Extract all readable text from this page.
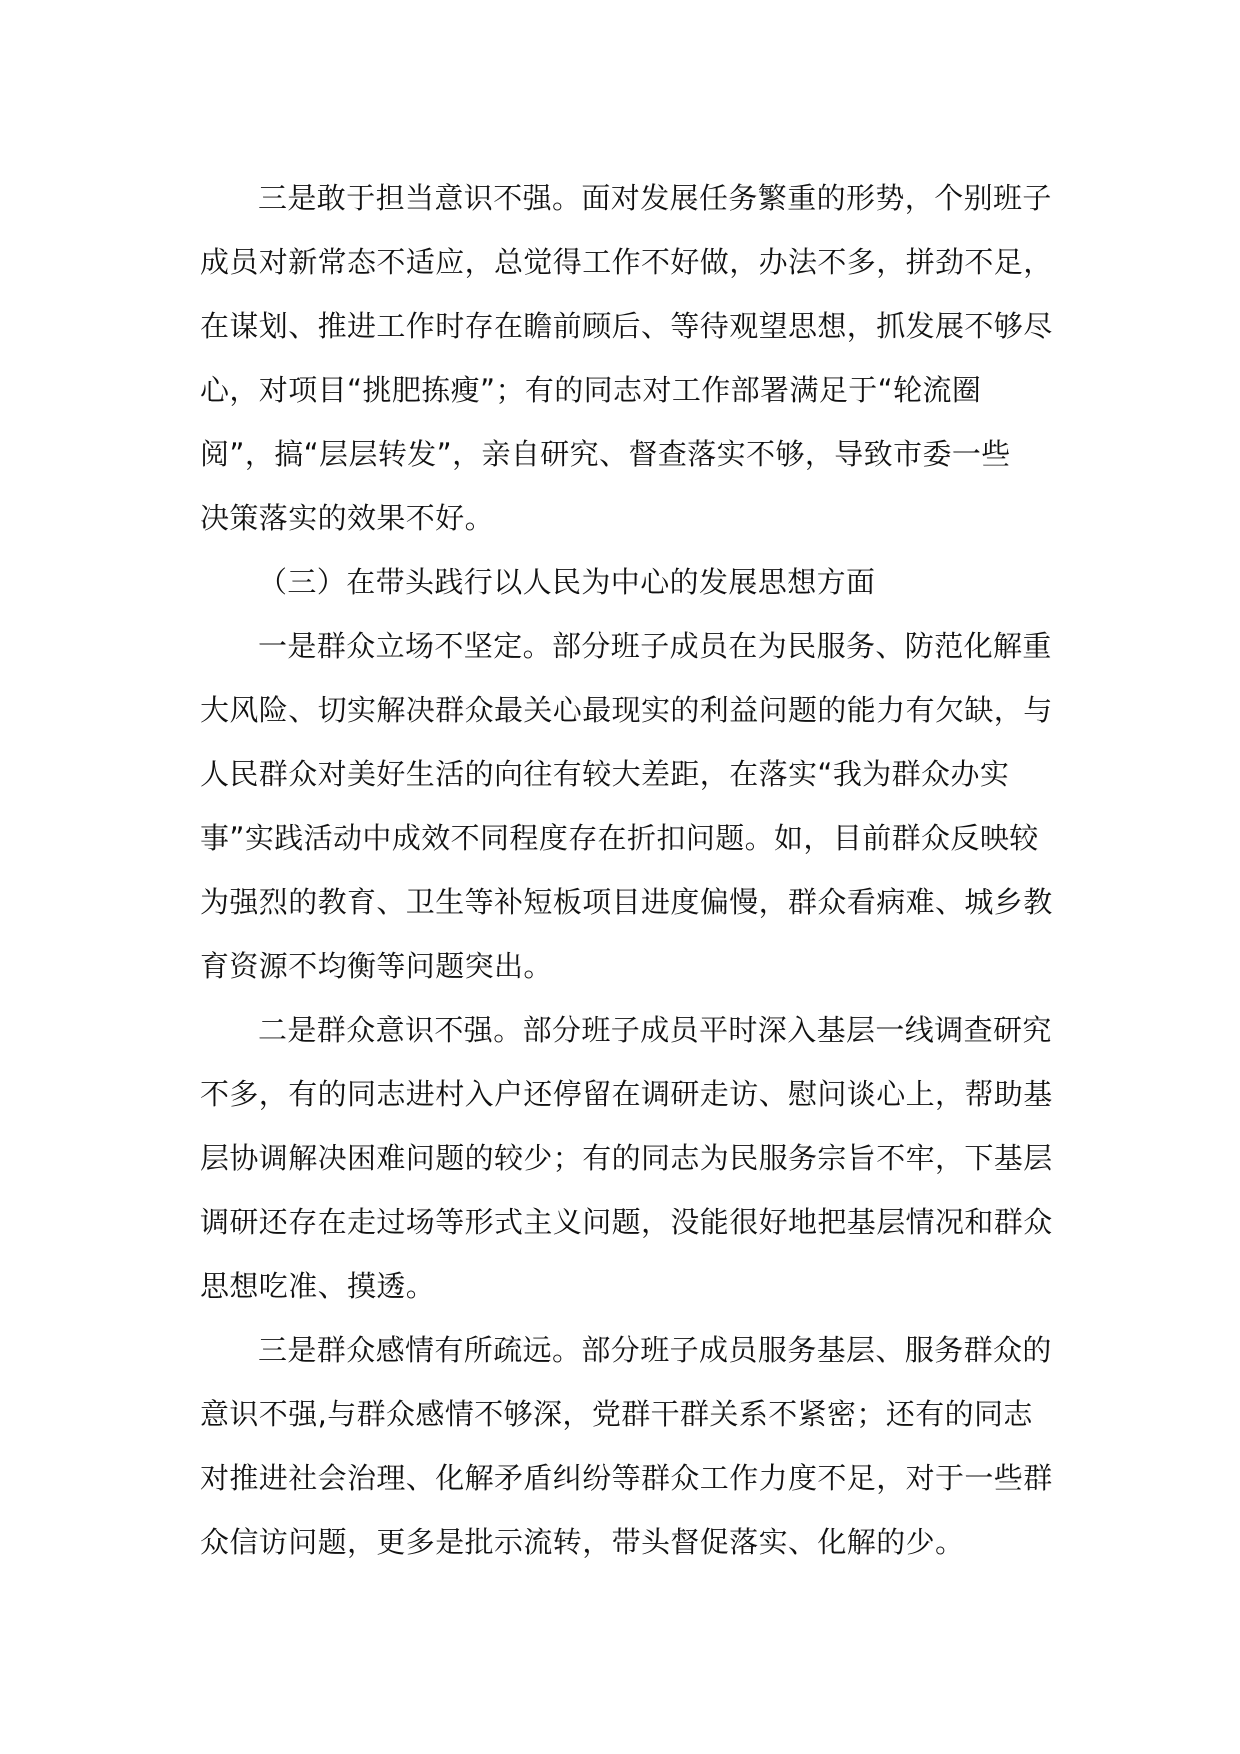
三是敢于担当意识不强。面对发展任务繁重的形势，个别班子
成员对新常态不适应，总觉得工作不好做，办法不多，拼劲不足，
在谋划、推进工作时存在瞻前顾后、等待观望思想，抓发展不够尽
心，对项目“挑肥拣瘦”；有的同志对工作部署满足于“轮流圈
阅”，搞“层层转发”，亲自研究、督查落实不够，导致市委一些
决策落实的效果不好。
（三）在带头践行以人民为中心的发展思想方面
一是群众立场不坚定。部分班子成员在为民服务、防范化解重
大风险、切实解决群众最关心最现实的利益问题的能力有欠缺，与
人民群众对美好生活的向往有较大差距，在落实“我为群众办实
事”实践活动中成效不同程度存在折扣问题。如，目前群众反映较
为强烈的教育、卫生等补短板项目进度偏慢，群众看病难、城乡教
育资源不均衡等问题突出。
二是群众意识不强。部分班子成员平时深入基层一线调查研究
不多，有的同志进村入户还停留在调研走访、慰问谈心上，帮助基
层协调解决困难问题的较少；有的同志为民服务宗旨不牢，下基层
调研还存在走过场等形式主义问题，没能很好地把基层情况和群众
思想吃准、摸透。
三是群众感情有所疏远。部分班子成员服务基层、服务群众的
意识不强,与群众感情不够深，党群干群关系不紧密；还有的同志
对推进社会治理、化解矛盾纠纷等群众工作力度不足，对于一些群
众信访问题，更多是批示流转，带头督促落实、化解的少。
